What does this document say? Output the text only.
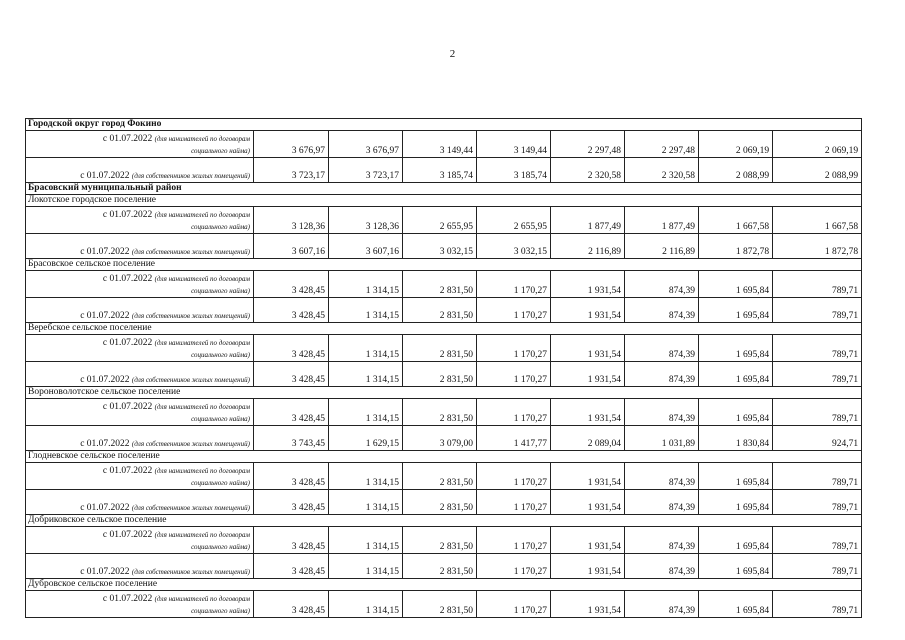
2
Городской округ город Фокино								
с 01.07.2022 (для нанимателей по договорам
социального найма)	3 676,97	3 676,97	3 149,44	3 149,44	2 297,48	2 297,48	2 069,19	2 069,19
с 01.07.2022 (для собственников жилых помещений)	3 723,17	3 723,17	3 185,74	3 185,74	2 320,58	2 320,58	2 088,99	2 088,99
Брасовский муниципальный район								
Локотское городское поселение								
с 01.07.2022 (для нанимателей по договорам
социального найма)	3 128,36	3 128,36	2 655,95	2 655,95	1 877,49	1 877,49	1 667,58	1 667,58
с 01.07.2022 (для собственников жилых помещений)	3 607,16	3 607,16	3 032,15	3 032,15	2 116,89	2 116,89	1 872,78	1 872,78
Брасовское сельское поселение								
с 01.07.2022 (для нанимателей по договорам
социального найма)	3 428,45	1 314,15	2 831,50	1 170,27	1 931,54	874,39	1 695,84	789,71
с 01.07.2022 (для собственников жилых помещений)	3 428,45	1 314,15	2 831,50	1 170,27	1 931,54	874,39	1 695,84	789,71
Веребское сельское поселение								
с 01.07.2022 (для нанимателей по договорам
социального найма)	3 428,45	1 314,15	2 831,50	1 170,27	1 931,54	874,39	1 695,84	789,71
с 01.07.2022 (для собственников жилых помещений)	3 428,45	1 314,15	2 831,50	1 170,27	1 931,54	874,39	1 695,84	789,71
Вороноволотское сельское поселение								
с 01.07.2022 (для нанимателей по договорам
социального найма)	3 428,45	1 314,15	2 831,50	1 170,27	1 931,54	874,39	1 695,84	789,71
с 01.07.2022 (для собственников жилых помещений)	3 743,45	1 629,15	3 079,00	1 417,77	2 089,04	1 031,89	1 830,84	924,71
Глодневское сельское поселение								
с 01.07.2022 (для нанимателей по договорам
социального найма)	3 428,45	1 314,15	2 831,50	1 170,27	1 931,54	874,39	1 695,84	789,71
с 01.07.2022 (для собственников жилых помещений)	3 428,45	1 314,15	2 831,50	1 170,27	1 931,54	874,39	1 695,84	789,71
Добриковское сельское поселение								
с 01.07.2022 (для нанимателей по договорам
социального найма)	3 428,45	1 314,15	2 831,50	1 170,27	1 931,54	874,39	1 695,84	789,71
с 01.07.2022 (для собственников жилых помещений)	3 428,45	1 314,15	2 831,50	1 170,27	1 931,54	874,39	1 695,84	789,71
Дубровское сельское поселение								
с 01.07.2022 (для нанимателей по договорам
социального найма)	3 428,45	1 314,15	2 831,50	1 170,27	1 931,54	874,39	1 695,84	789,71
